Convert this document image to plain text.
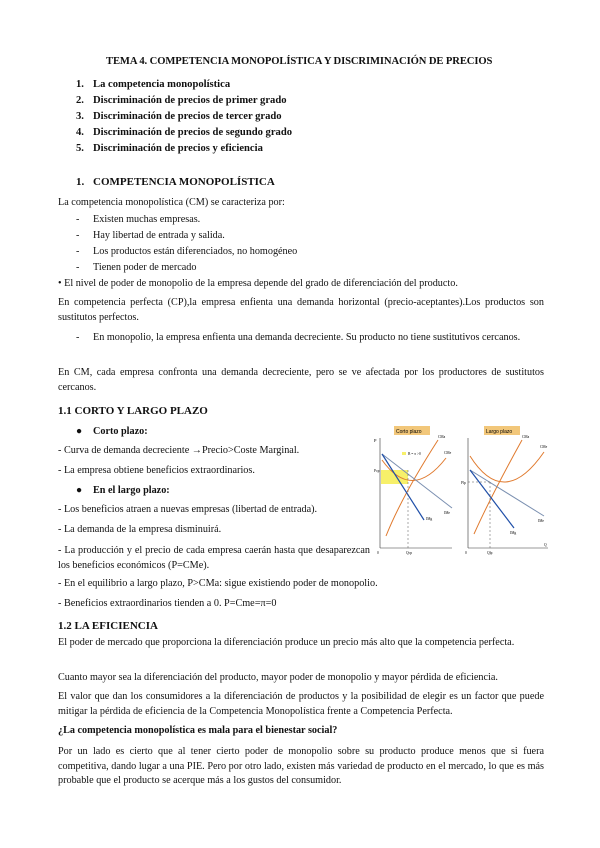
TEMA 4. COMPETENCIA MONOPOLÍSTICA Y DISCRIMINACIÓN DE PRECIOS
1. La competencia monopolística
2. Discriminación de precios de primer grado
3. Discriminación de precios de tercer grado
4. Discriminación de precios de segundo grado
5. Discriminación de precios y eficiencia
1. COMPETENCIA MONOPOLÍSTICA
La competencia monopolística (CM) se caracteriza por:
-	Existen muchas empresas.
-	Hay libertad de entrada y salida.
-	Los productos están diferenciados, no homogéneo
-	Tienen poder de mercado
• El nivel de poder de monopolio de la empresa depende del grado de diferenciación del producto.
En competencia perfecta (CP),la empresa enfienta una demanda horizontal (precio-aceptantes).Los productos son sustitutos perfectos.
-	En monopolio, la empresa enfienta una demanda decreciente. Su producto no tiene sustitutivos cercanos.
En CM, cada empresa confronta una demanda decreciente, pero se ve afectada por los productores de sustitutos cercanos.
1.1 CORTO Y LARGO PLAZO
● Corto plazo:
- Curva de demanda decreciente →Precio>Coste Marginal.
- La empresa obtiene beneficios extraordinarios.
● En el largo plazo:
- Los beneficios atraen a nuevas empresas (libertad de entrada).
- La demanda de la empresa disminuirá.
- La producción y el precio de cada empresa caerán hasta que desaparezcan los beneficios económicos (P=CMe).
- En el equilibrio a largo plazo, P>CMa: sigue existiendo poder de monopolio.
- Beneficios extraordinarios tienden a 0. P=Cme=π=0
Corto plazo
P
B = π >0
Pcp
CMa
CMe
IMe
IMg
Qcp
0
Largo plazo
Plp
CMa
CMe
IMe
IMg
Qlp
Q
0
1.2 LA EFICIENCIA
El poder de mercado que proporciona la diferenciación produce un precio más alto que la competencia perfecta.
Cuanto mayor sea la diferenciación del producto, mayor poder de monopolio y mayor pérdida de eficiencia.
El valor que dan los consumidores a la diferenciación de productos y la posibilidad de elegir es un factor que puede mitigar la pérdida de eficiencia de la Competencia Monopolística frente a Competencia Perfecta.
¿La competencia monopolística es mala para el bienestar social?
Por un lado es cierto que al tener cierto poder de monopolio sobre su producto produce menos que si fuera competitiva, dando lugar a una PIE. Pero por otro lado, existen más variedad de producto en el mercado, lo que es más probable que el producto se acerque más a los gustos del consumidor.
